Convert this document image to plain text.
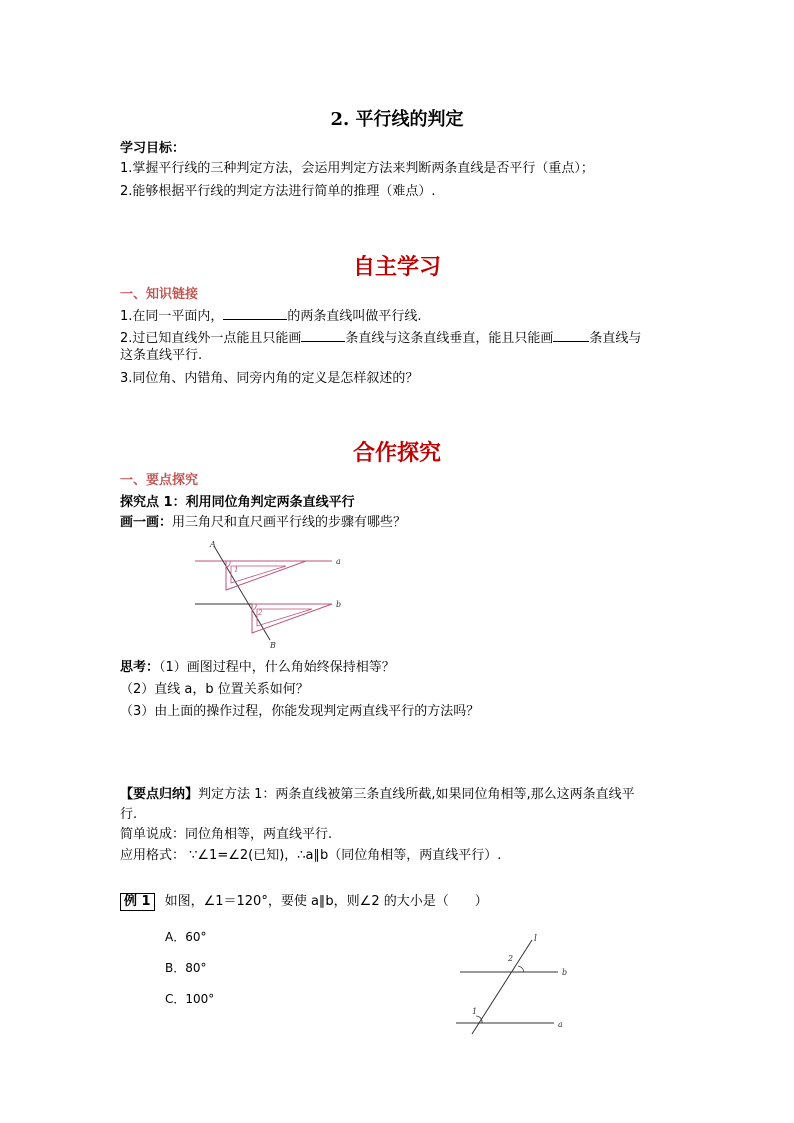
2. 平行线的判定
学习目标：
1.掌握平行线的三种判定方法，会运用判定方法来判断两条直线是否平行（重点）；
2.能够根据平行线的判定方法进行简单的推理（难点）.
自主学习
一、知识链接
1.在同一平面内，	的两条直线叫做平行线.
2.过已知直线外一点能且只能画	条直线与这条直线垂直，能且只能画	条直线与
这条直线平行.
3.同位角、内错角、同旁内角的定义是怎样叙述的？
合作探究
一、要点探究
探究点 1：利用同位角判定两条直线平行
画一画：用三角尺和直尺画平行线的步骤有哪些？
A
B
a
b
1
2
思考：（1）画图过程中，什么角始终保持相等？
（2）直线 a，b 位置关系如何？
（3）由上面的操作过程，你能发现判定两直线平行的方法吗？
【要点归纳】判定方法 1：两条直线被第三条直线所截,如果同位角相等,那么这两条直线平
行.
简单说成：同位角相等，两直线平行.
应用格式： ∵∠1=∠2(已知)，∴a∥b（同位角相等，两直线平行）.
例 1 如图，∠1＝120°，要使 a∥b，则∠2 的大小是（　　）
A．60°
B．80°
C．100°
l
2
b
1
a
